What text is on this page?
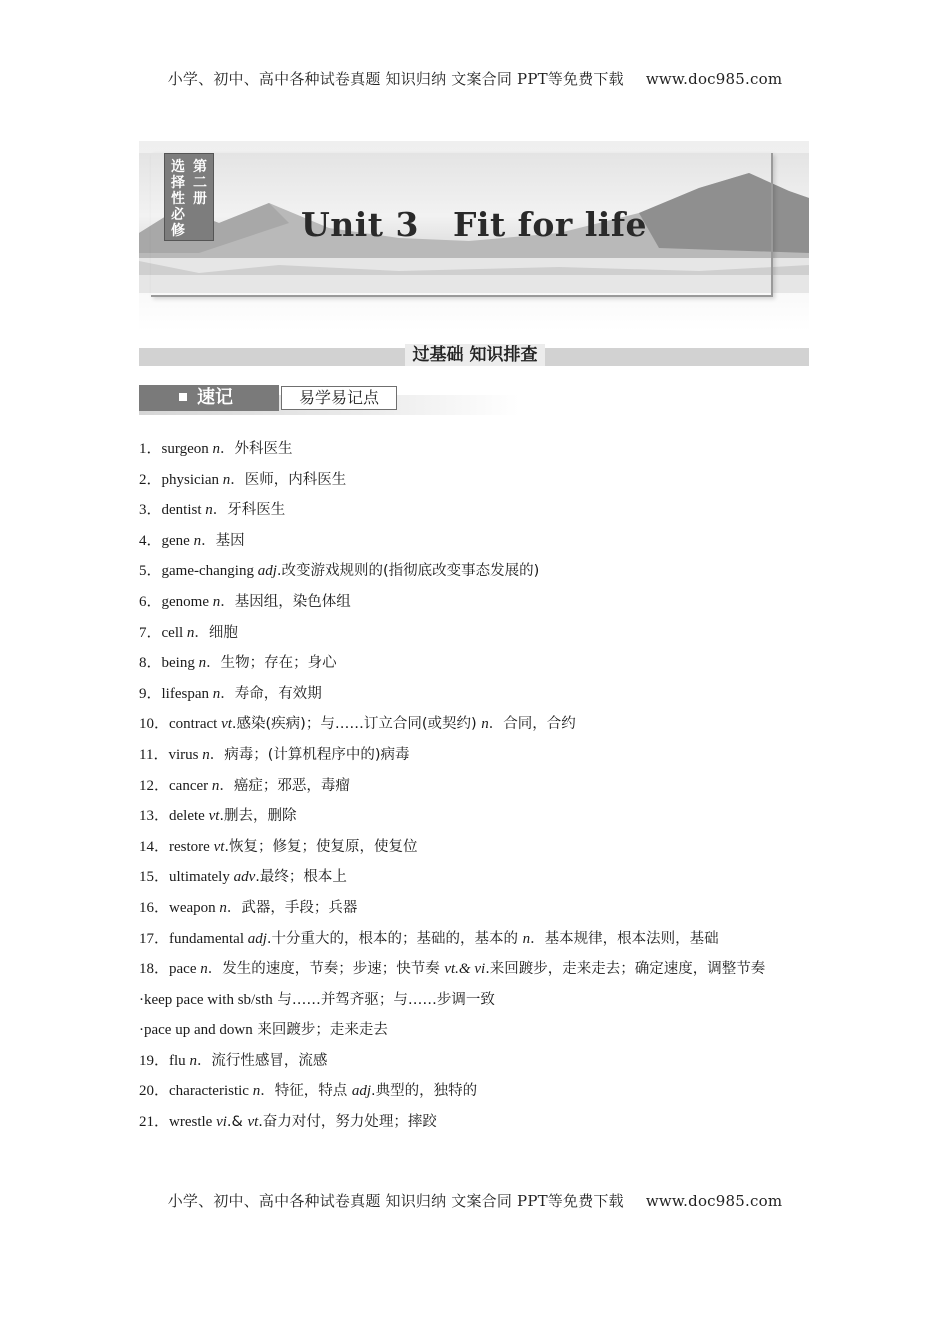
小学、初中、高中各种试卷真题 知识归纳 文案合同 PPT等免费下载 www.doc985.com
选择性必修
第二册
Unit 3 Fit for life
过基础 知识排查
速记	易学易记点
1．surgeon n．外科医生
2．physician n．医师，内科医生
3．dentist n．牙科医生
4．gene n．基因
5．game-changing adj.改变游戏规则的(指彻底改变事态发展的)
6．genome n．基因组，染色体组
7．cell n．细胞
8．being n．生物；存在；身心
9．lifespan n．寿命，有效期
10．contract vt.感染(疾病)；与……订立合同(或契约) n．合同，合约
11．virus n．病毒；(计算机程序中的)病毒
12．cancer n．癌症；邪恶，毒瘤
13．delete vt.删去，删除
14．restore vt.恢复；修复；使复原，使复位
15．ultimately adv.最终；根本上
16．weapon n．武器，手段；兵器
17．fundamental adj.十分重大的，根本的；基础的，基本的 n．基本规律，根本法则，基础
18．pace n．发生的速度，节奏；步速；快节奏 vt.& vi.来回踱步，走来走去；确定速度，调整节奏
·keep pace with sb/sth 与……并驾齐驱；与……步调一致
·pace up and down 来回踱步；走来走去
19．flu n．流行性感冒，流感
20．characteristic n．特征，特点 adj.典型的，独特的
21．wrestle vi.& vt.奋力对付，努力处理；摔跤
小学、初中、高中各种试卷真题 知识归纳 文案合同 PPT等免费下载 www.doc985.com
